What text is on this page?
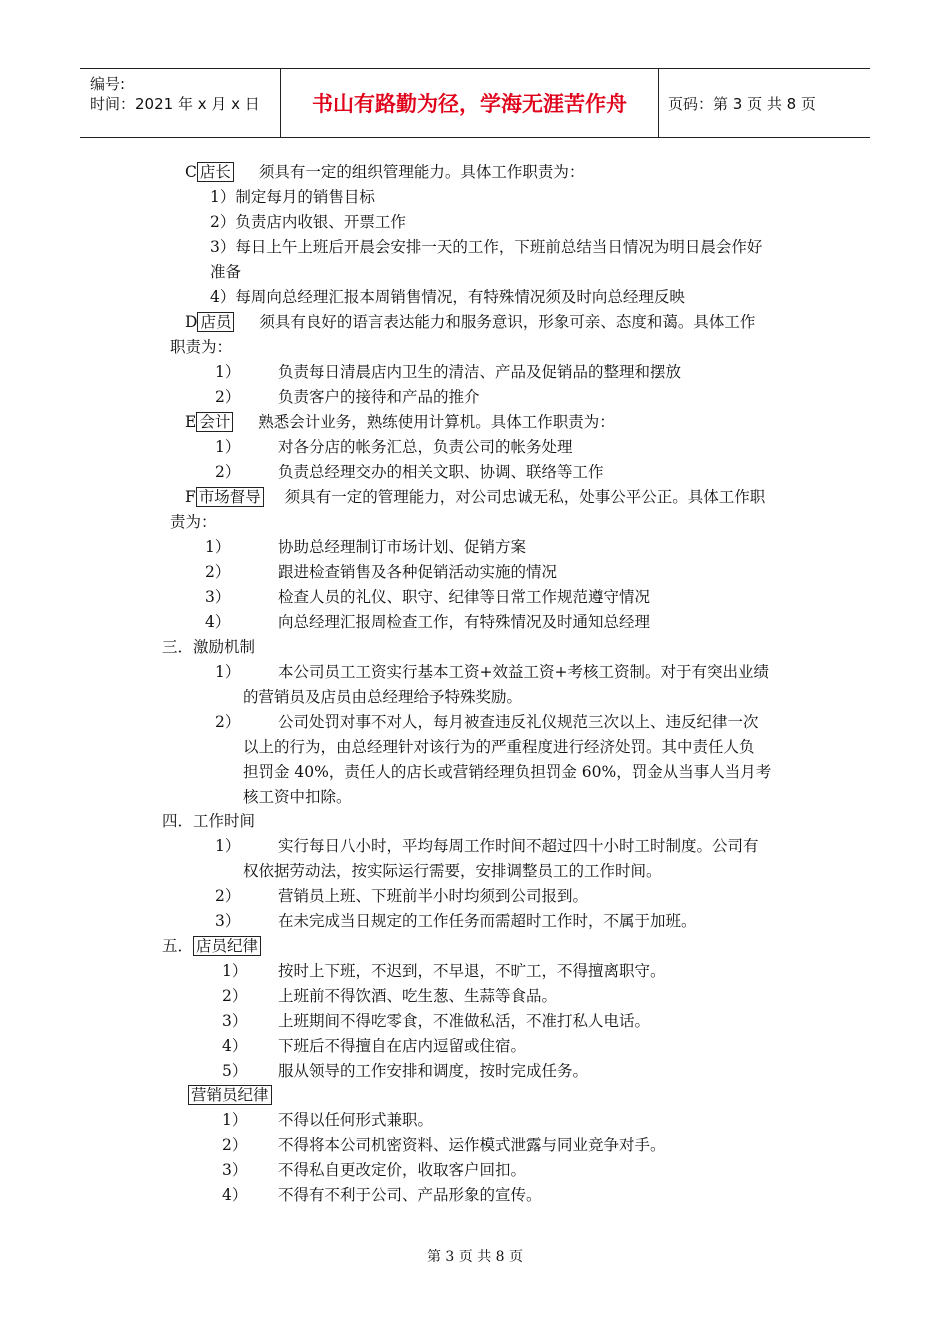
编号:
时间：2021 年 x 月 x 日	书山有路勤为径，学海无涯苦作舟	页码：第 3 页 共 8 页
C 店长 须具有一定的组织管理能力。具体工作职责为：
1）制定每月的销售目标
2）负责店内收银、开票工作
3）每日上午上班后开晨会安排一天的工作，下班前总结当日情况为明日晨会作好
准备
4）每周向总经理汇报本周销售情况，有特殊情况须及时向总经理反映
D 店员 须具有良好的语言表达能力和服务意识，形象可亲、态度和蔼。具体工作
职责为：
1） 负责每日清晨店内卫生的清洁、产品及促销品的整理和摆放
2） 负责客户的接待和产品的推介
E 会计 熟悉会计业务，熟练使用计算机。具体工作职责为：
1） 对各分店的帐务汇总，负责公司的帐务处理
2） 负责总经理交办的相关文职、协调、联络等工作
F 市场督导 须具有一定的管理能力，对公司忠诚无私，处事公平公正。具体工作职
责为：
1）	协助总经理制订市场计划、促销方案
2）	跟进检查销售及各种促销活动实施的情况
3）	检查人员的礼仪、职守、纪律等日常工作规范遵守情况
4）	向总经理汇报周检查工作，有特殊情况及时通知总经理
三．激励机制
1） 本公司员工工资实行基本工资+效益工资+考核工资制。对于有突出业绩
的营销员及店员由总经理给予特殊奖励。
2） 公司处罚对事不对人，每月被查违反礼仪规范三次以上、违反纪律一次
以上的行为，由总经理针对该行为的严重程度进行经济处罚。其中责任人负
担罚金 40%，责任人的店长或营销经理负担罚金 60%，罚金从当事人当月考
核工资中扣除。
四．工作时间
1） 实行每日八小时，平均每周工作时间不超过四十小时工时制度。公司有
权依据劳动法，按实际运行需要，安排调整员工的工作时间。
2） 营销员上班、下班前半小时均须到公司报到。
3） 在未完成当日规定的工作任务而需超时工作时，不属于加班。
五． 店员纪律
1） 按时上下班，不迟到，不早退，不旷工，不得擅离职守。
2） 上班前不得饮酒、吃生葱、生蒜等食品。
3） 上班期间不得吃零食，不准做私活，不准打私人电话。
4） 下班后不得擅自在店内逗留或住宿。
5） 服从领导的工作安排和调度，按时完成任务。
营销员纪律
1） 不得以任何形式兼职。
2） 不得将本公司机密资料、运作模式泄露与同业竞争对手。
3） 不得私自更改定价，收取客户回扣。
4） 不得有不利于公司、产品形象的宣传。
第 3 页 共 8 页
